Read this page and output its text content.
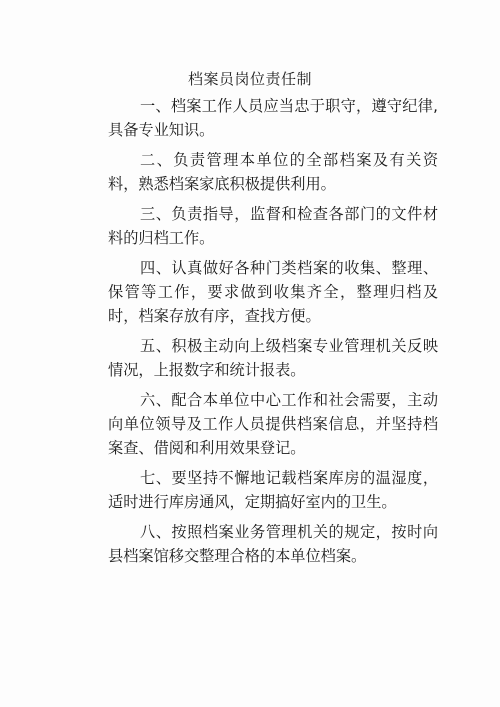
档案员岗位责任制

一、档案工作人员应当忠于职守，遵守纪律,具备专业知识。

二、负责管理本单位的全部档案及有关资料，熟悉档案家底积极提供利用。

三、负责指导，监督和检查各部门的文件材料的归档工作。

四、认真做好各种门类档案的收集、整理、保管等工作，要求做到收集齐全，整理归档及时，档案存放有序，查找方便。

五、积极主动向上级档案专业管理机关反映情况，上报数字和统计报表。

六、配合本单位中心工作和社会需要，主动向单位领导及工作人员提供档案信息，并坚持档案查、借阅和利用效果登记。

七、要坚持不懈地记载档案库房的温湿度，适时进行库房通风，定期搞好室内的卫生。

八、按照档案业务管理机关的规定，按时向县档案馆移交整理合格的本单位档案。
